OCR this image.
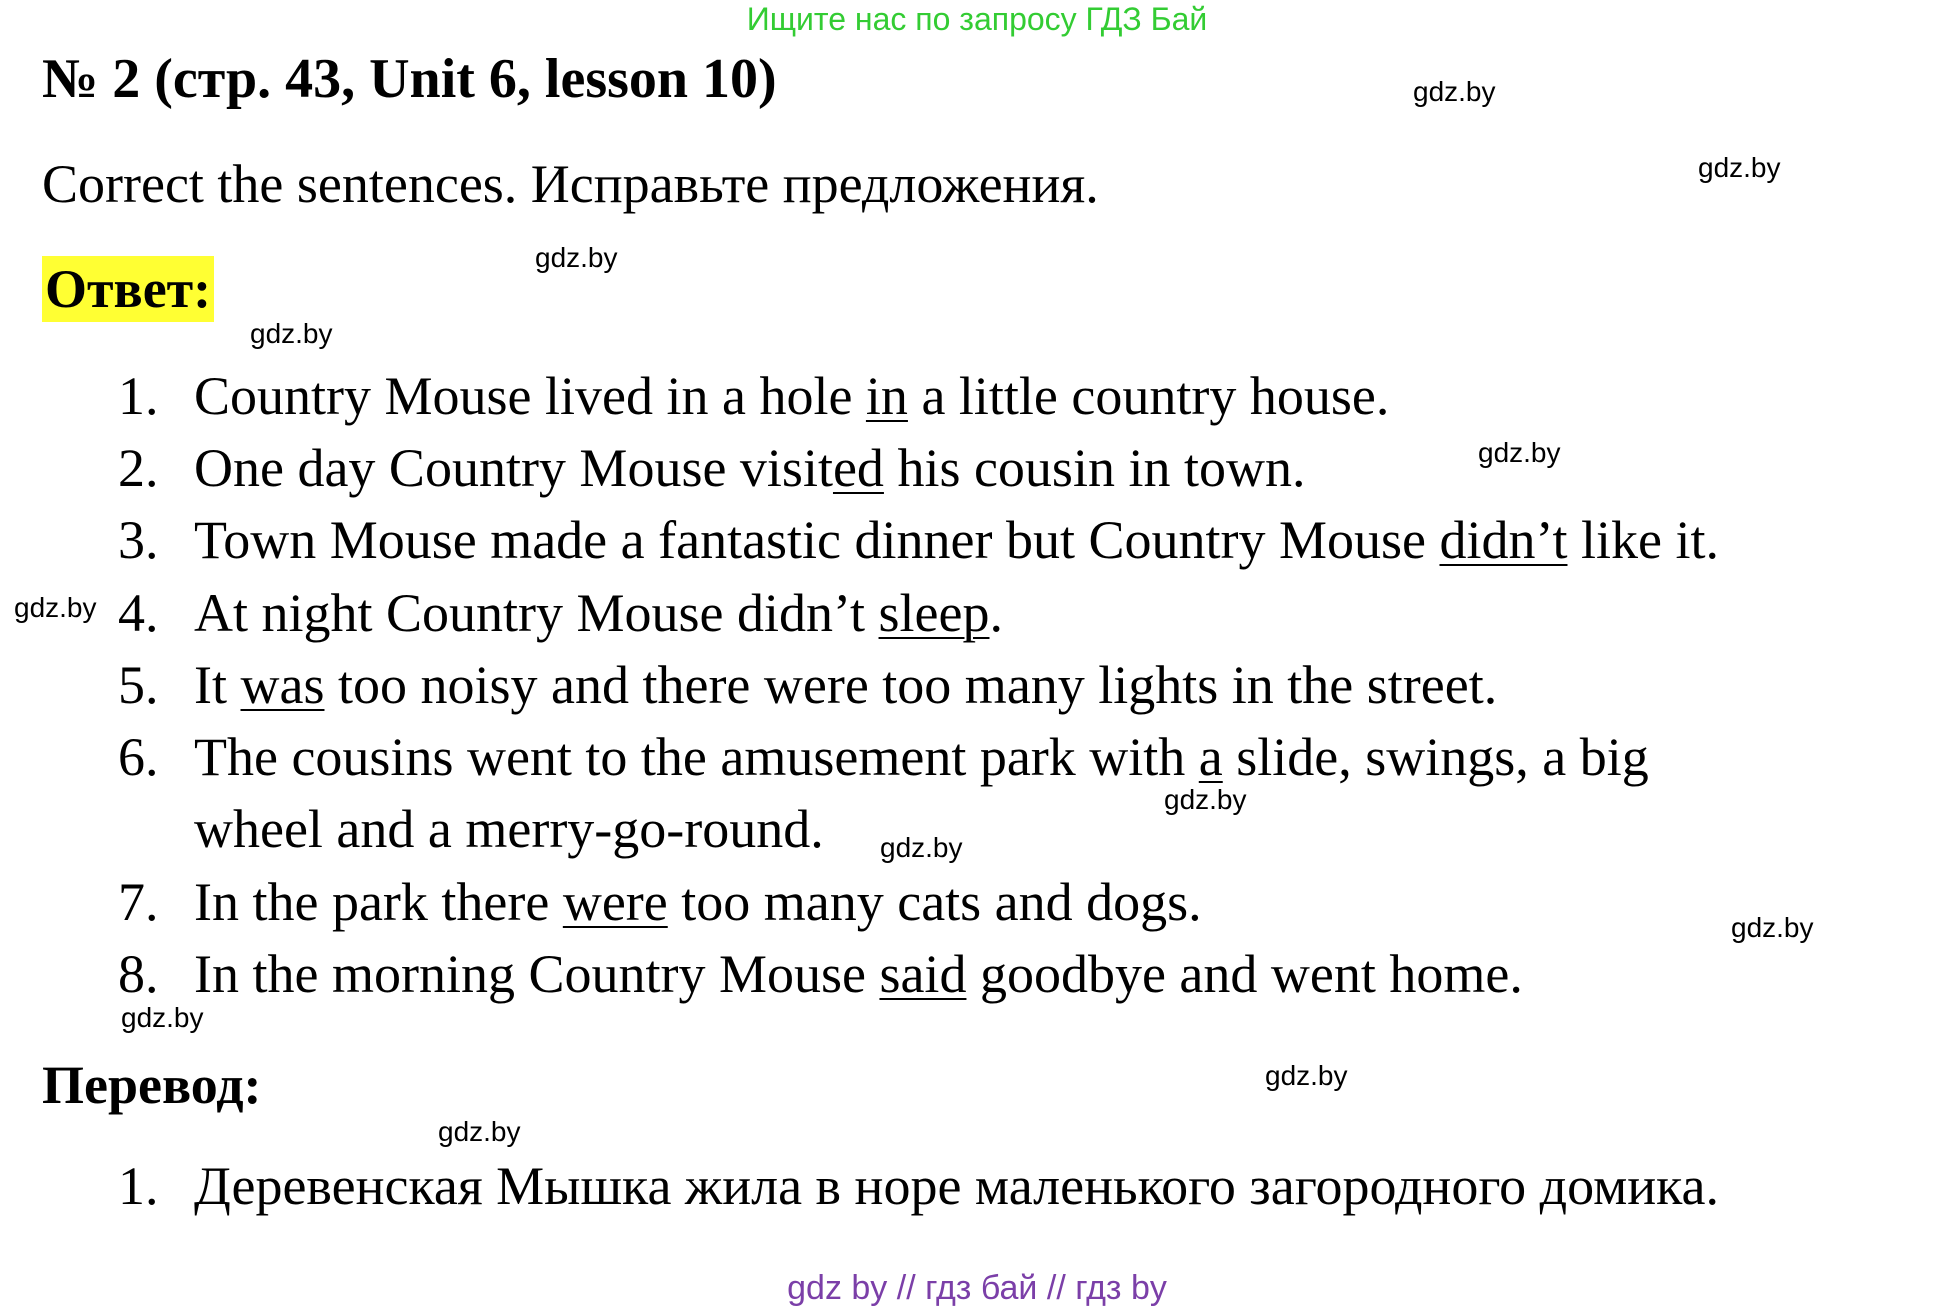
Ищите нас по запросу ГДЗ Бай
№ 2 (стр. 43, Unit 6, lesson 10)
Correct the sentences. Исправьте предложения.
Ответ:
1. Country Mouse lived in a hole in a little country house.
2. One day Country Mouse visited his cousin in town.
3. Town Mouse made a fantastic dinner but Country Mouse didn’t like it.
4. At night Country Mouse didn’t sleep.
5. It was too noisy and there were too many lights in the street.
6. The cousins went to the amusement park with a slide, swings, a big
wheel and a merry-go-round.
7. In the park there were too many cats and dogs.
8. In the morning Country Mouse said goodbye and went home.
Перевод:
1. Деревенская Мышка жила в норе маленького загородного домика.
gdz.by
gdz.by
gdz.by
gdz.by
gdz.by
gdz.by
gdz.by
gdz.by
gdz.by
gdz.by
gdz.by
gdz.by
gdz by // гдз бай // гдз by
